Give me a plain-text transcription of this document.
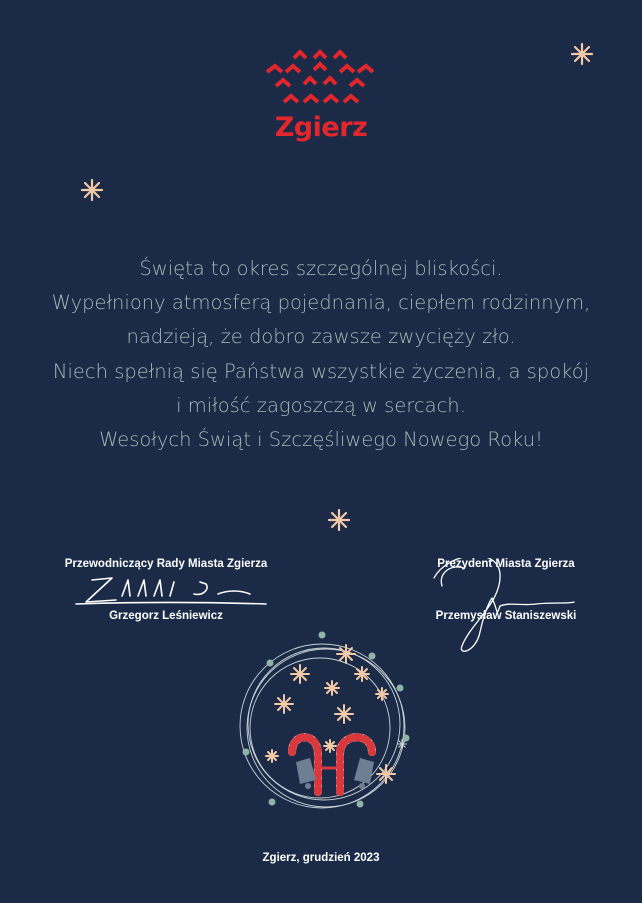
Zgierz
Święta to okres szczególnej bliskości.
Wypełniony atmosferą pojednania, ciepłem rodzinnym,
nadzieją, że dobro zawsze zwycięży zło.
Niech spełnią się Państwa wszystkie życzenia, a spokój
i miłość zagoszczą w sercach.
Wesołych Świąt i Szczęśliwego Nowego Roku!
Przewodniczący Rady Miasta Zgierza
Grzegorz Leśniewicz
Prezydent Miasta Zgierza
Przemysław Staniszewski
Zgierz, grudzień 2023
